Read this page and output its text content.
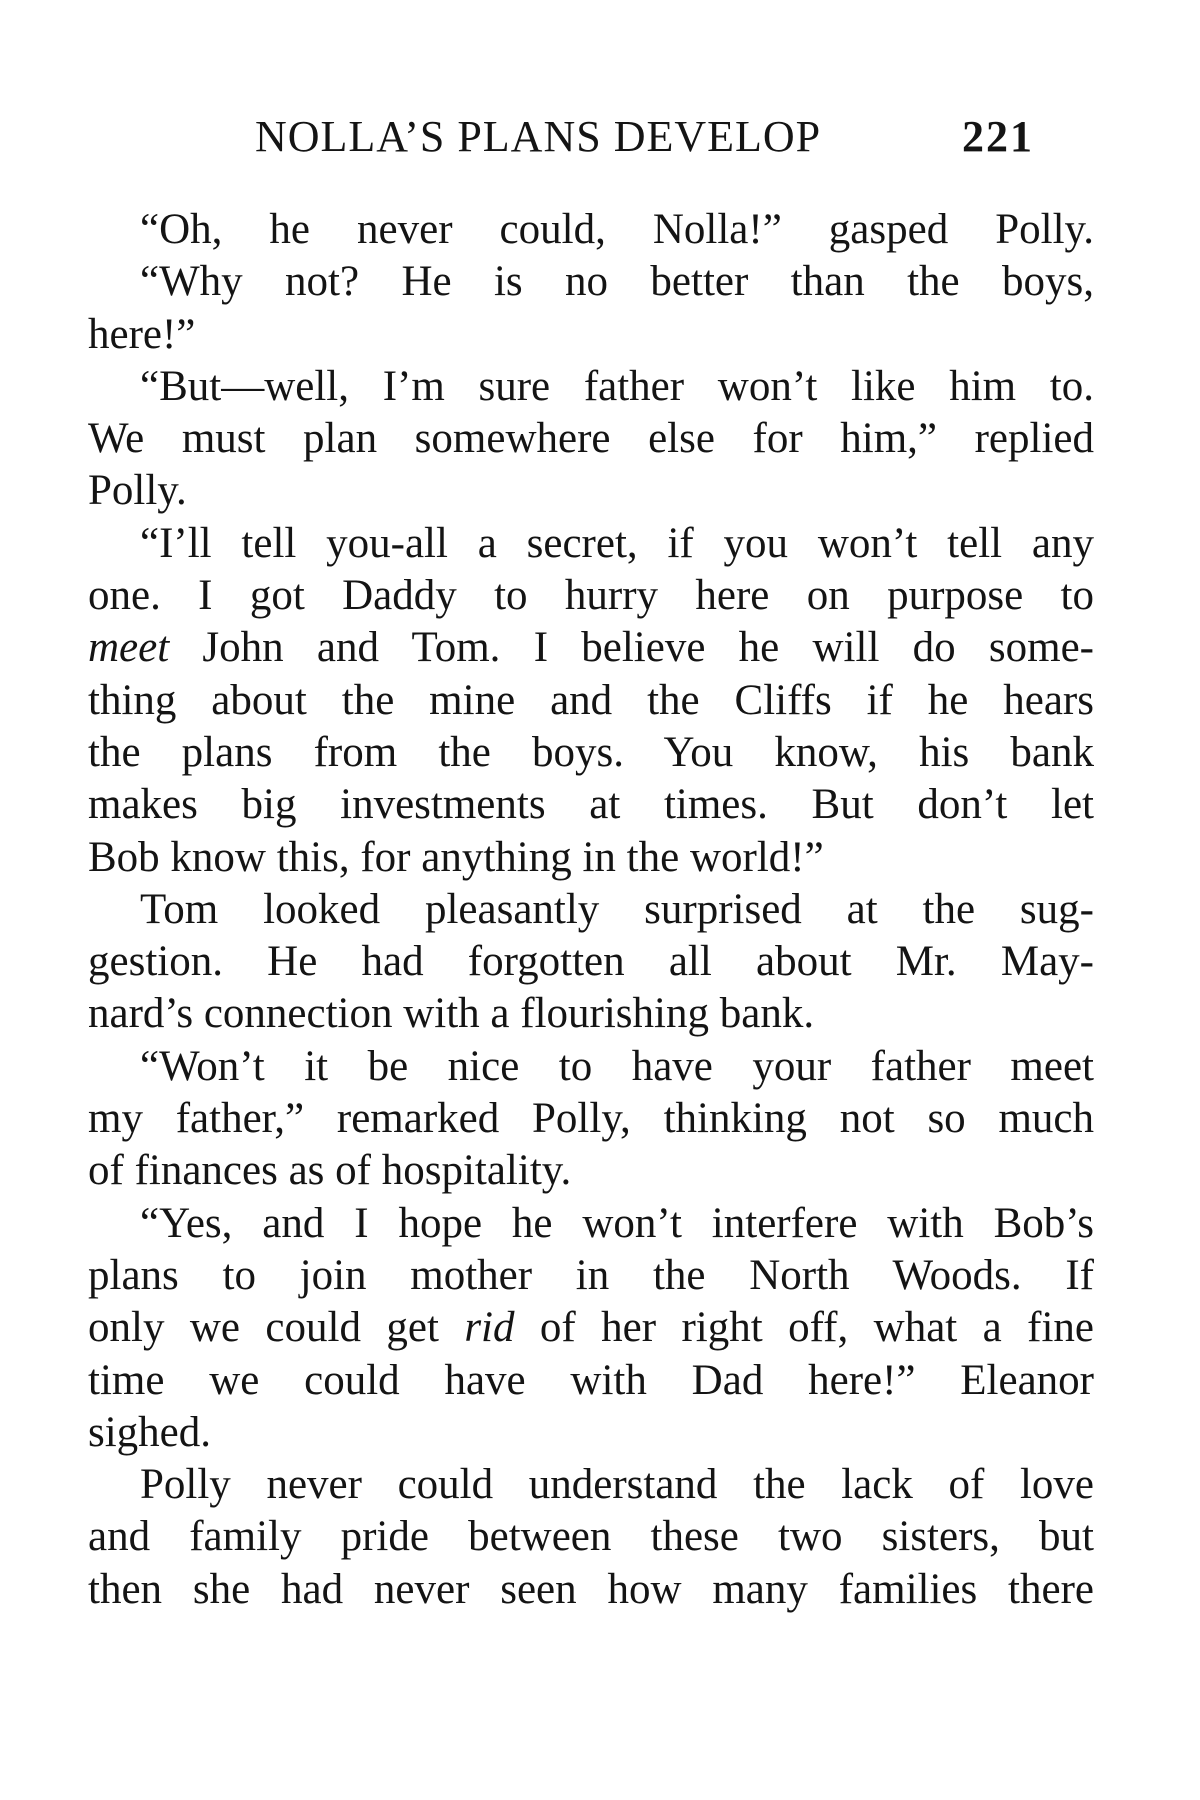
NOLLA’S PLANS DEVELOP	221
“Oh, he never could, Nolla!” gasped Polly.
“Why not? He is no better than the boys,
here!”
“But—well, I’m sure father won’t like him to.
We must plan somewhere else for him,” replied
Polly.
“I’ll tell you-all a secret, if you won’t tell any
one. I got Daddy to hurry here on purpose to
meet John and Tom. I believe he will do some-
thing about the mine and the Cliffs if he hears
the plans from the boys. You know, his bank
makes big investments at times. But don’t let
Bob know this, for anything in the world!”
Tom looked pleasantly surprised at the sug-
gestion. He had forgotten all about Mr. May-
nard’s connection with a flourishing bank.
“Won’t it be nice to have your father meet
my father,” remarked Polly, thinking not so much
of finances as of hospitality.
“Yes, and I hope he won’t interfere with Bob’s
plans to join mother in the North Woods. If
only we could get rid of her right off, what a fine
time we could have with Dad here!” Eleanor
sighed.
Polly never could understand the lack of love
and family pride between these two sisters, but
then she had never seen how many families there
